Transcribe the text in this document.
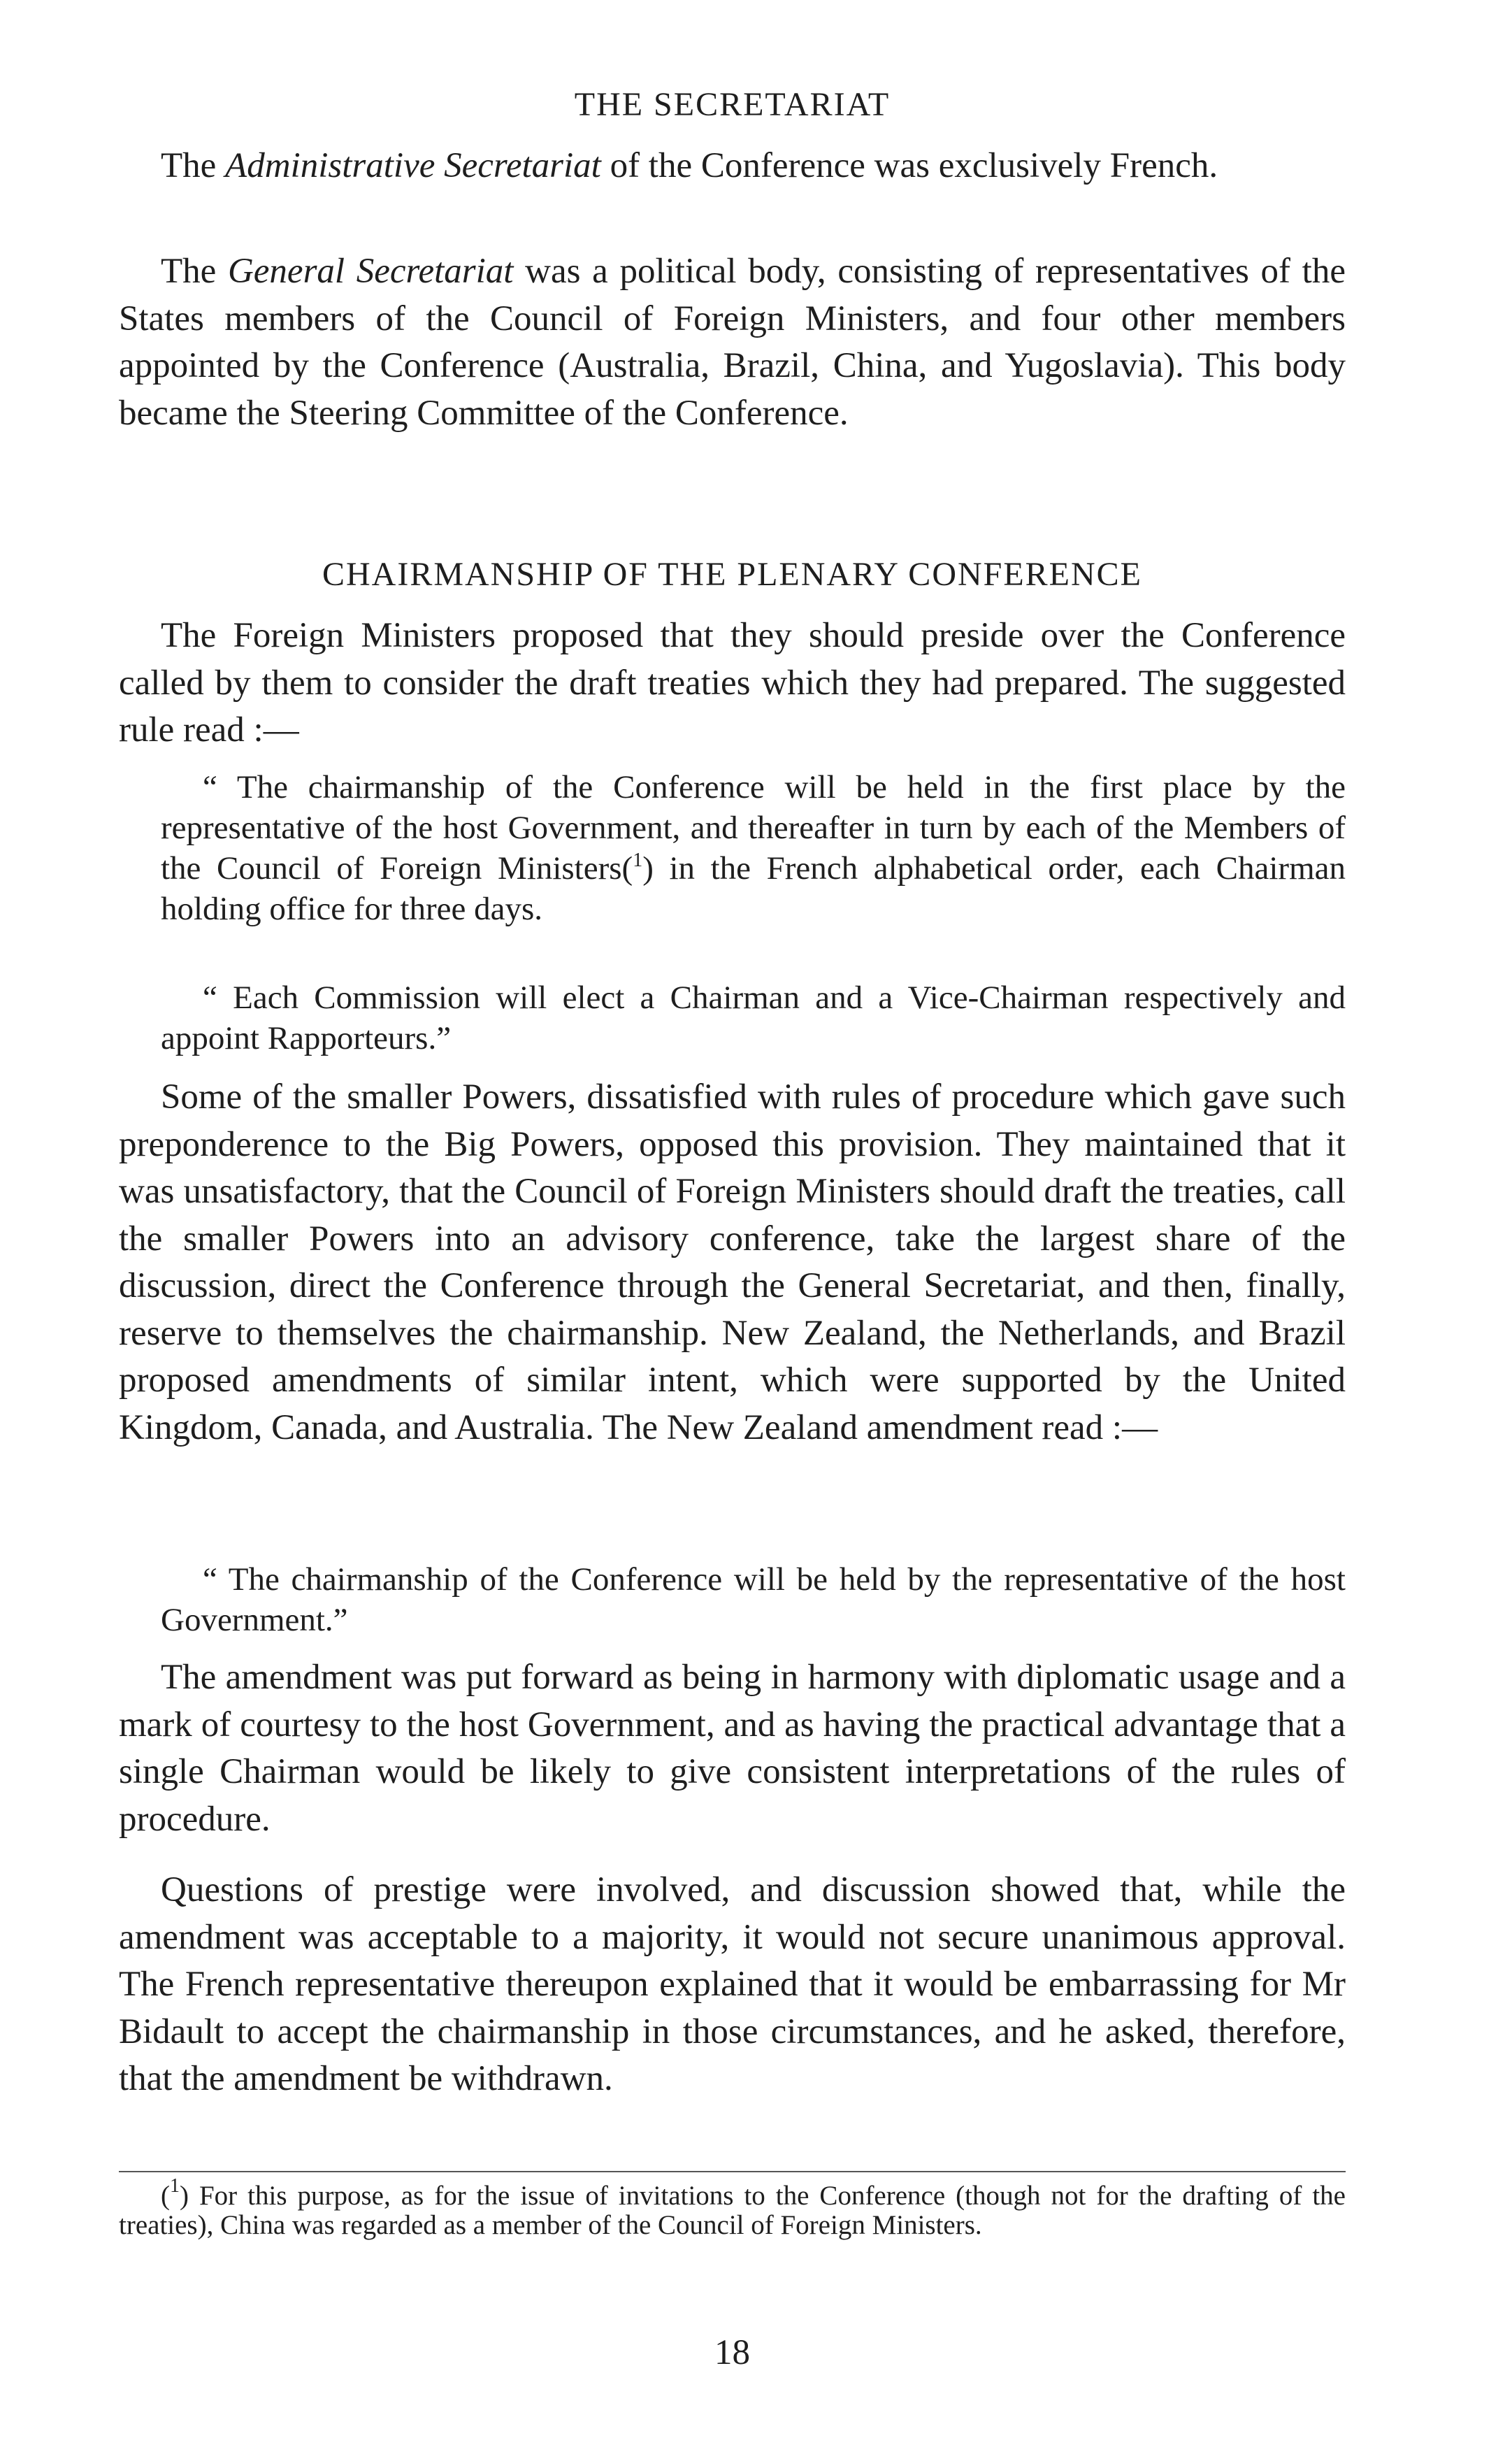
THE SECRETARIAT

The Administrative Secretariat of the Conference was exclusively French.

The General Secretariat was a political body, consisting of representatives of the States members of the Council of Foreign Ministers, and four other members appointed by the Conference (Australia, Brazil, China, and Yugoslavia). This body became the Steering Committee of the Conference.

CHAIRMANSHIP OF THE PLENARY CONFERENCE

The Foreign Ministers proposed that they should preside over the Conference called by them to consider the draft treaties which they had prepared. The suggested rule read :—

“ The chairmanship of the Conference will be held in the first place by the representative of the host Government, and thereafter in turn by each of the Members of the Council of Foreign Ministers($^1$) in the French alphabetical order, each Chairman holding office for three days.

“ Each Commission will elect a Chairman and a Vice-Chairman respectively and appoint Rapporteurs.”

Some of the smaller Powers, dissatisfied with rules of procedure which gave such preponderence to the Big Powers, opposed this provision. They maintained that it was unsatisfactory, that the Council of Foreign Ministers should draft the treaties, call the smaller Powers into an advisory conference, take the largest share of the discussion, direct the Conference through the General Secretariat, and then, finally, reserve to themselves the chairmanship. New Zealand, the Netherlands, and Brazil proposed amendments of similar intent, which were supported by the United Kingdom, Canada, and Australia. The New Zealand amendment read :—

“ The chairmanship of the Conference will be held by the representative of the host Government.”

The amendment was put forward as being in harmony with diplomatic usage and a mark of courtesy to the host Government, and as having the practical advantage that a single Chairman would be likely to give consistent interpretations of the rules of procedure.

Questions of prestige were involved, and discussion showed that, while the amendment was acceptable to a majority, it would not secure unanimous approval. The French representative thereupon explained that it would be embarrassing for Mr Bidault to accept the chairmanship in those circumstances, and he asked, therefore, that the amendment be withdrawn.

($^1$) For this purpose, as for the issue of invitations to the Conference (though not for the drafting of the treaties), China was regarded as a member of the Council of Foreign Ministers.

18
